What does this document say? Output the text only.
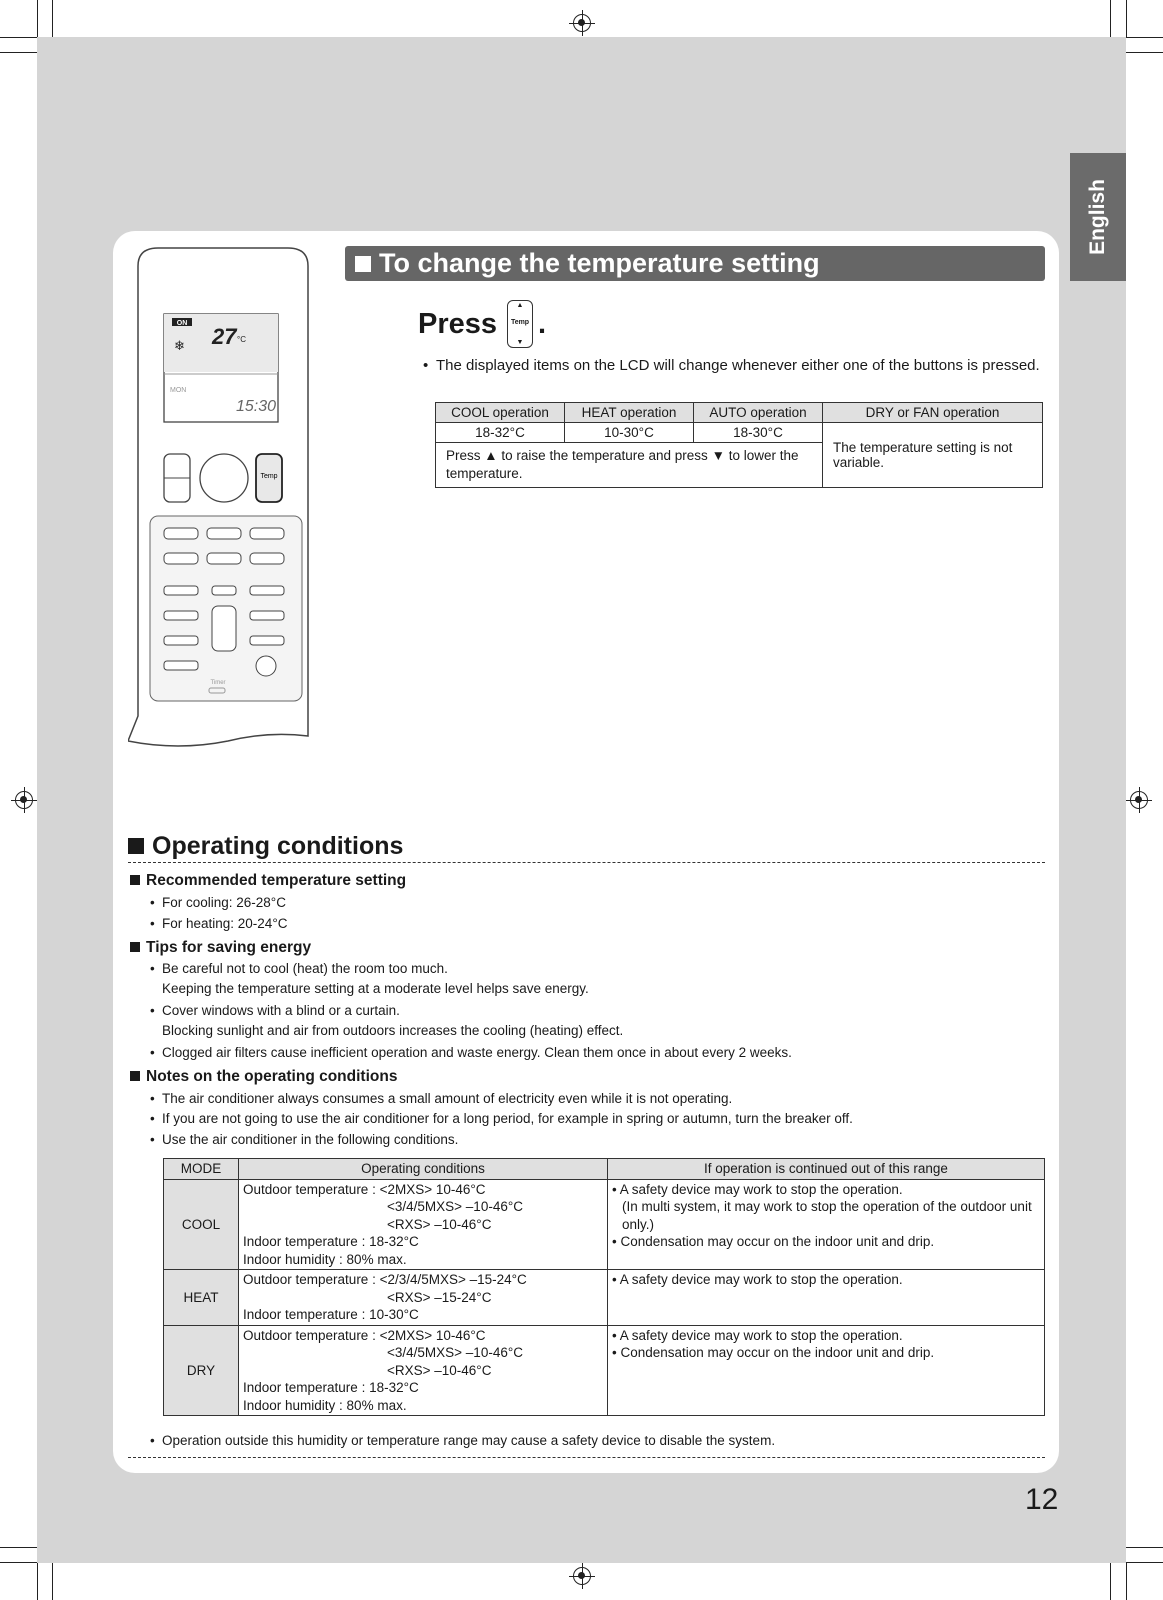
English
ON
27 °C
❄
MON
15:30
Temp
Timer
To change the temperature setting
Press
▲
Temp
▼
.
• The displayed items on the LCD will change whenever either one of the buttons is pressed.
COOL operation	HEAT operation	AUTO operation	DRY or FAN operation
18-32°C	10-30°C	18-30°C	The temperature setting is not variable.
Press ▲ to raise the temperature and press ▼ to lower the temperature.			
Operating conditions
Recommended temperature setting
• For cooling: 26-28°C
• For heating: 20-24°C
Tips for saving energy
• Be careful not to cool (heat) the room too much.
Keeping the temperature setting at a moderate level helps save energy.
• Cover windows with a blind or a curtain.
Blocking sunlight and air from outdoors increases the cooling (heating) effect.
• Clogged air filters cause inefficient operation and waste energy. Clean them once in about every 2 weeks.
Notes on the operating conditions
• The air conditioner always consumes a small amount of electricity even while it is not operating.
• If you are not going to use the air conditioner for a long period, for example in spring or autumn, turn the breaker off.
• Use the air conditioner in the following conditions.
MODE	Operating conditions	If operation is continued out of this range
COOL	Outdoor temperature : <2MXS> 10-46°C
<3/4/5MXS> –10-46°C
<RXS> –10-46°C
Indoor temperature : 18-32°C
Indoor humidity : 80% max.	• A safety device may work to stop the operation.
(In multi system, it may work to stop the operation of the outdoor unit only.)
• Condensation may occur on the indoor unit and drip.

HEAT	Outdoor temperature : <2/3/4/5MXS> –15-24°C
<RXS> –15-24°C
Indoor temperature : 10-30°C	• A safety device may work to stop the operation.

DRY	Outdoor temperature : <2MXS> 10-46°C
<3/4/5MXS> –10-46°C
<RXS> –10-46°C
Indoor temperature : 18-32°C
Indoor humidity : 80% max.	• A safety device may work to stop the operation.
• Condensation may occur on the indoor unit and drip.
• Operation outside this humidity or temperature range may cause a safety device to disable the system.
12
